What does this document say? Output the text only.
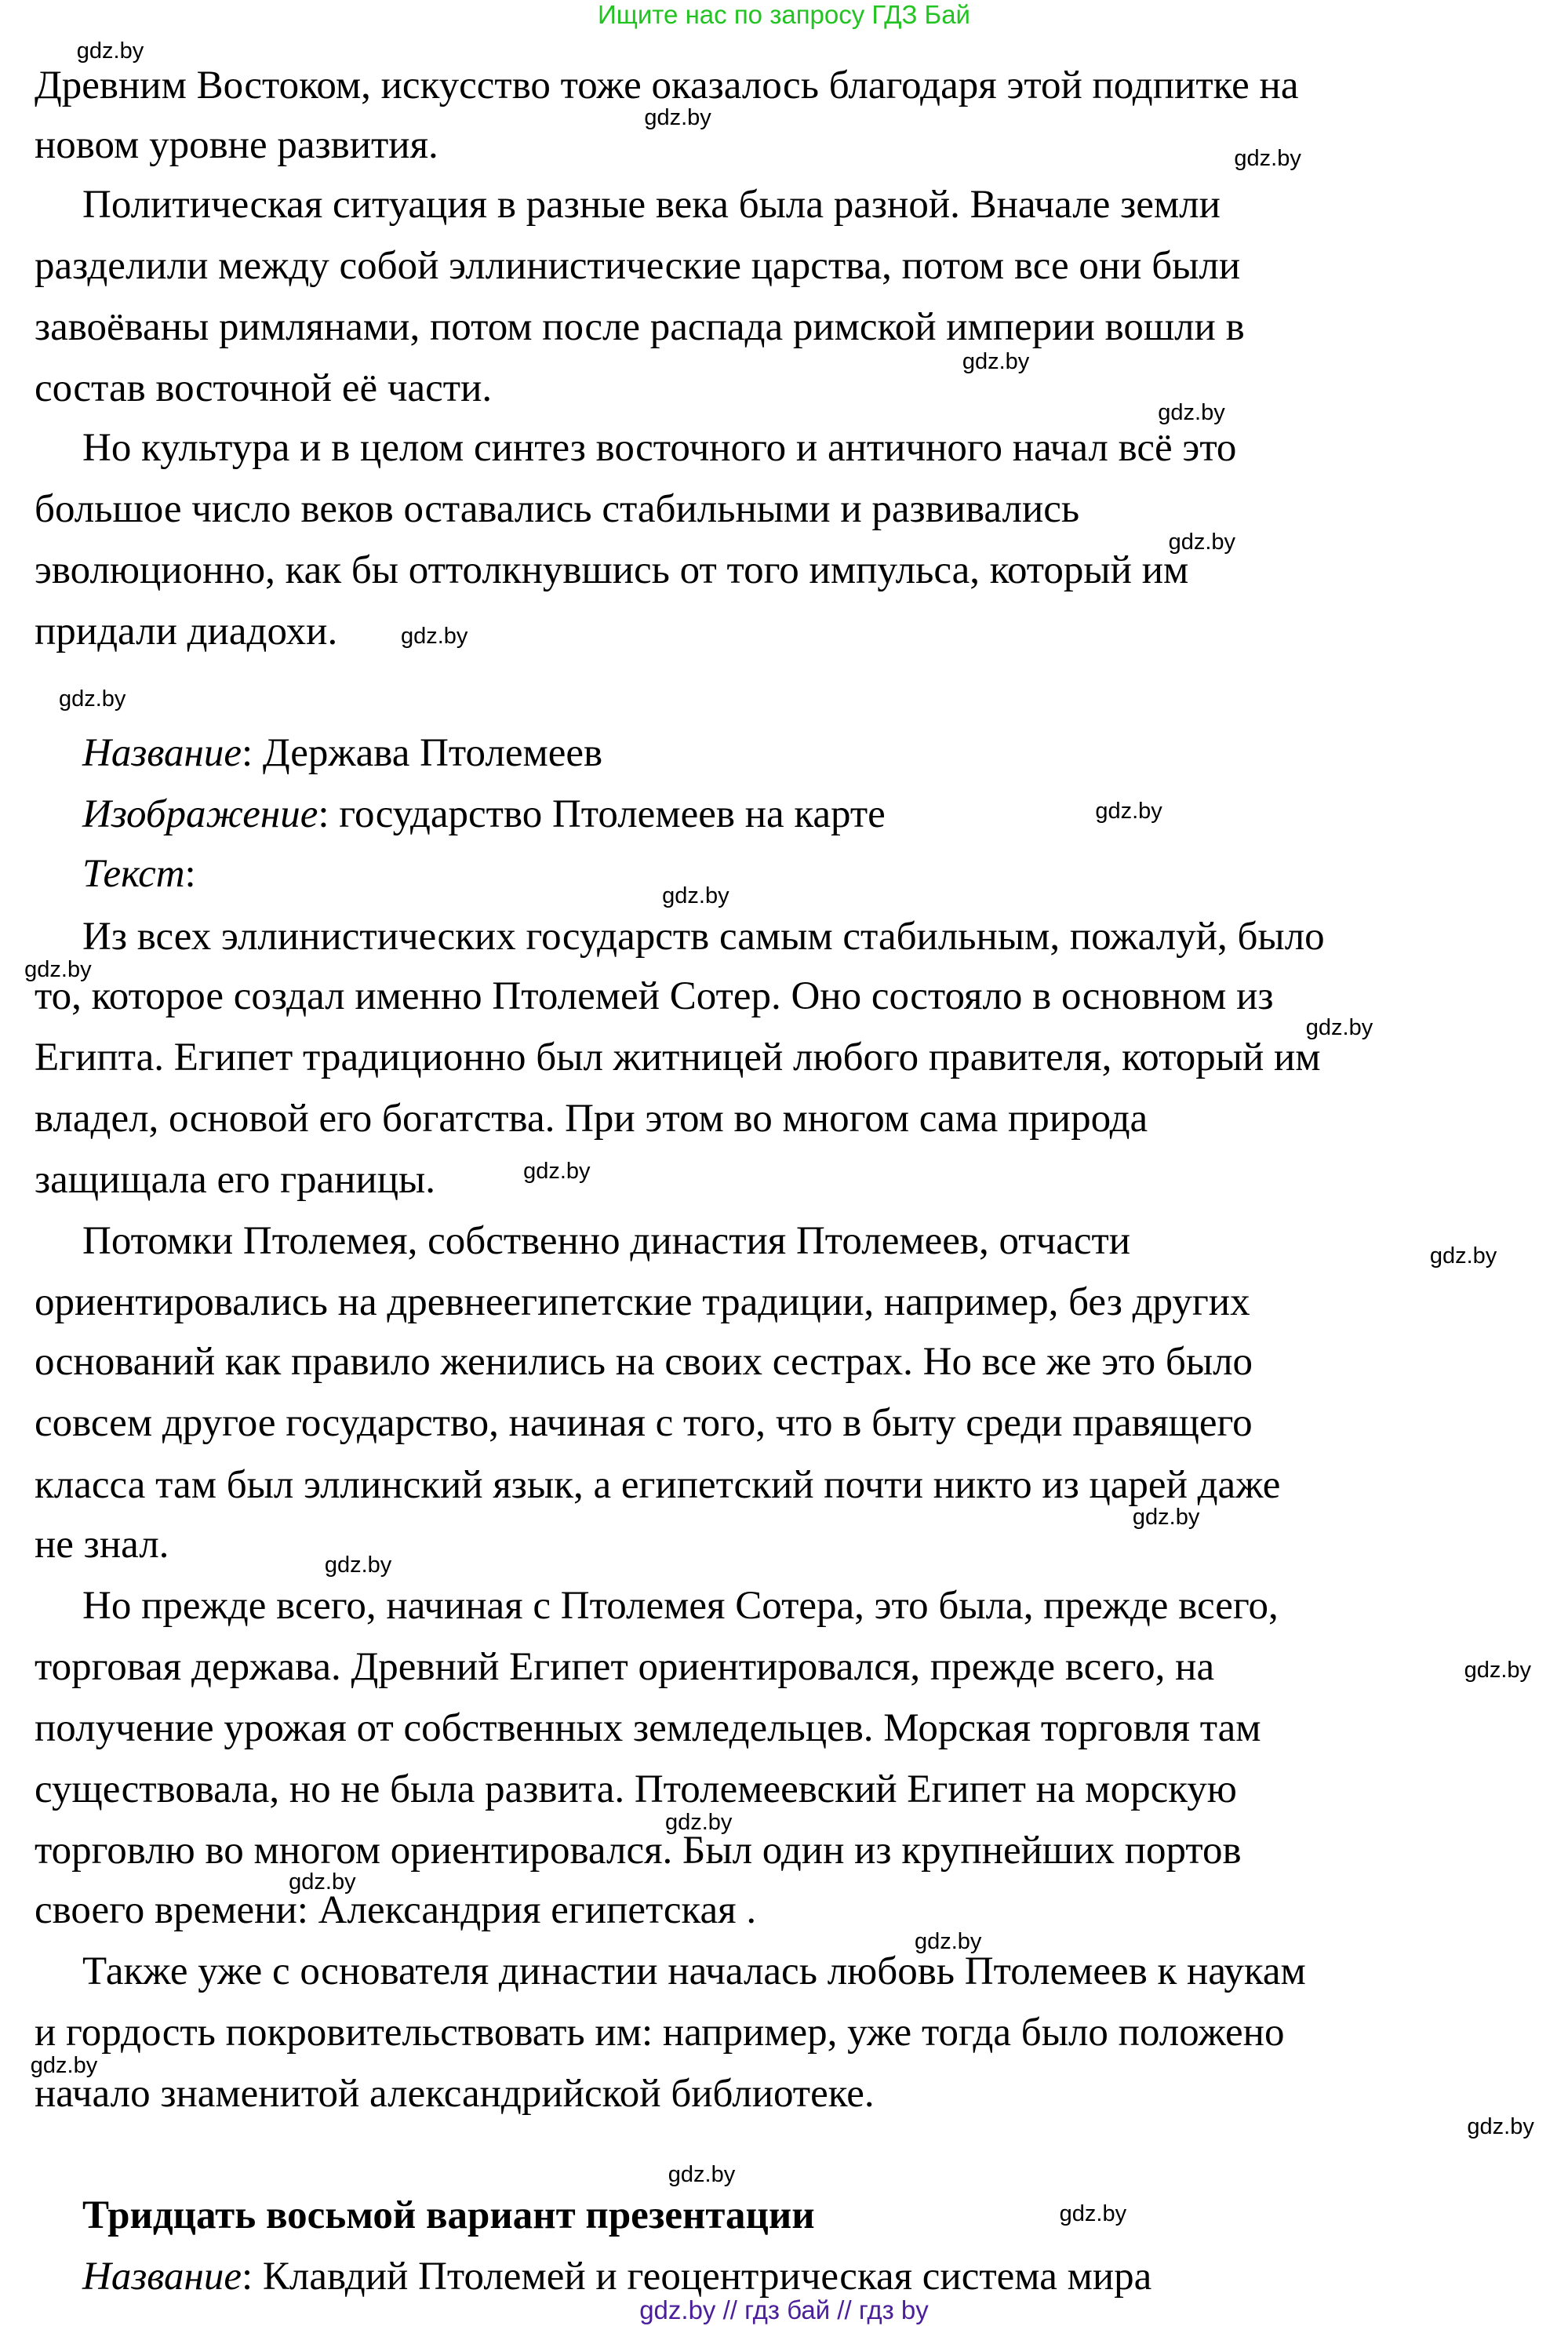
Ищите нас по запросу ГДЗ Бай
Древним Востоком, искусство тоже оказалось благодаря этой подпитке на
новом уровне развития.
Политическая ситуация в разные века была разной. Вначале земли
разделили между собой эллинистические царства, потом все они были
завоёваны римлянами, потом после распада римской империи вошли в
состав восточной её части.
Но культура и в целом синтез восточного и античного начал всё это
большое число веков оставались стабильными и развивались
эволюционно, как бы оттолкнувшись от того импульса, который им
придали диадохи.
Из всех эллинистических государств самым стабильным, пожалуй, было
то, которое создал именно Птолемей Сотер. Оно состояло в основном из
Египта. Египет традиционно был житницей любого правителя, который им
владел, основой его богатства. При этом во многом сама природа
защищала его границы.
Потомки Птолемея, собственно династия Птолемеев, отчасти
ориентировались на древнеегипетские традиции, например, без других
оснований как правило женились на своих сестрах. Но все же это было
совсем другое государство, начиная с того, что в быту среди правящего
класса там был эллинский язык, а египетский почти никто из царей даже
не знал.
Но прежде всего, начиная с Птолемея Сотера, это была, прежде всего,
торговая держава. Древний Египет ориентировался, прежде всего, на
получение урожая от собственных земледельцев. Морская торговля там
существовала, но не была развита. Птолемеевский Египет на морскую
торговлю во многом ориентировался. Был один из крупнейших портов
своего времени: Александрия египетская .
Также уже с основателя династии началась любовь Птолемеев к наукам
и гордость покровительствовать им: например, уже тогда было положено
начало знаменитой александрийской библиотеке.
gdz.by
gdz.by
gdz.by
gdz.by
gdz.by
gdz.by
gdz.by
gdz.by
gdz.by
gdz.by
gdz.by
gdz.by
gdz.by
gdz.by
gdz.by
gdz.by
gdz.by
gdz.by
gdz.by
gdz.by
gdz.by
gdz.by
gdz.by
gdz.by
Название: Держава Птолемеев
Изображение: государство Птолемеев на карте
Текст:
Тридцать восьмой вариант презентации
Название: Клавдий Птолемей и геоцентрическая система мира
gdz.by // гдз бай // гдз by
